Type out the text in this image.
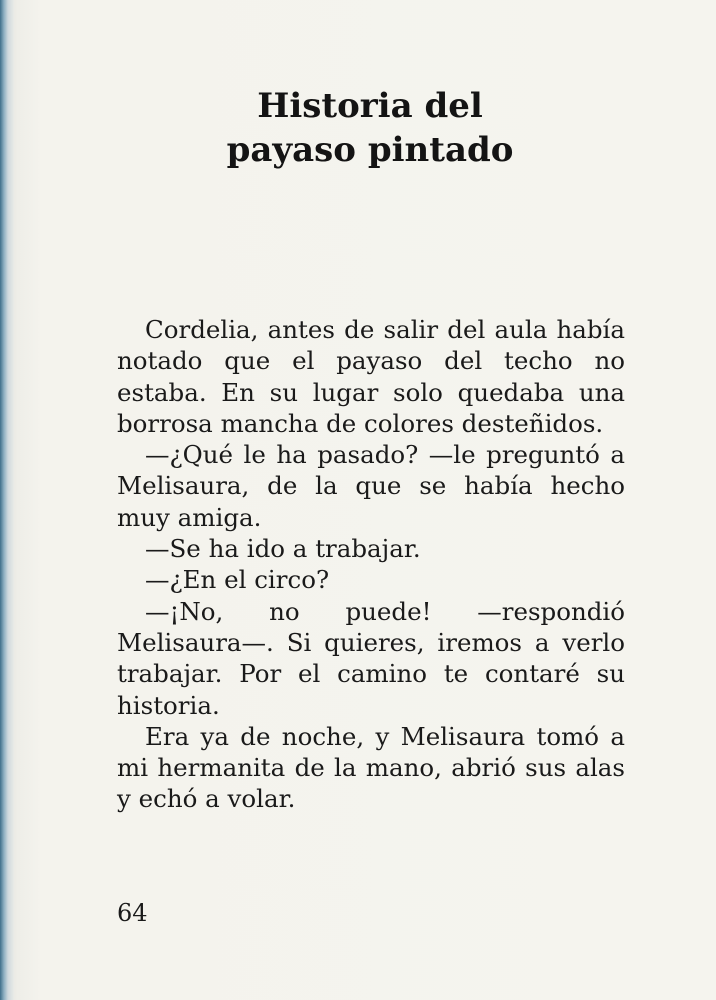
Historia del
payaso pintado

Cordelia, antes de salir del aula había notado que el payaso del techo no estaba. En su lugar solo quedaba una borrosa mancha de colores desteñidos.

—¿Qué le ha pasado? —le preguntó a Melisaura, de la que se había hecho muy amiga.

—Se ha ido a trabajar.

—¿En el circo?

—¡No, no puede! —respondió Melisaura—. Si quieres, iremos a verlo trabajar. Por el camino te contaré su historia.

Era ya de noche, y Melisaura tomó a mi hermanita de la mano, abrió sus alas y echó a volar.

64
